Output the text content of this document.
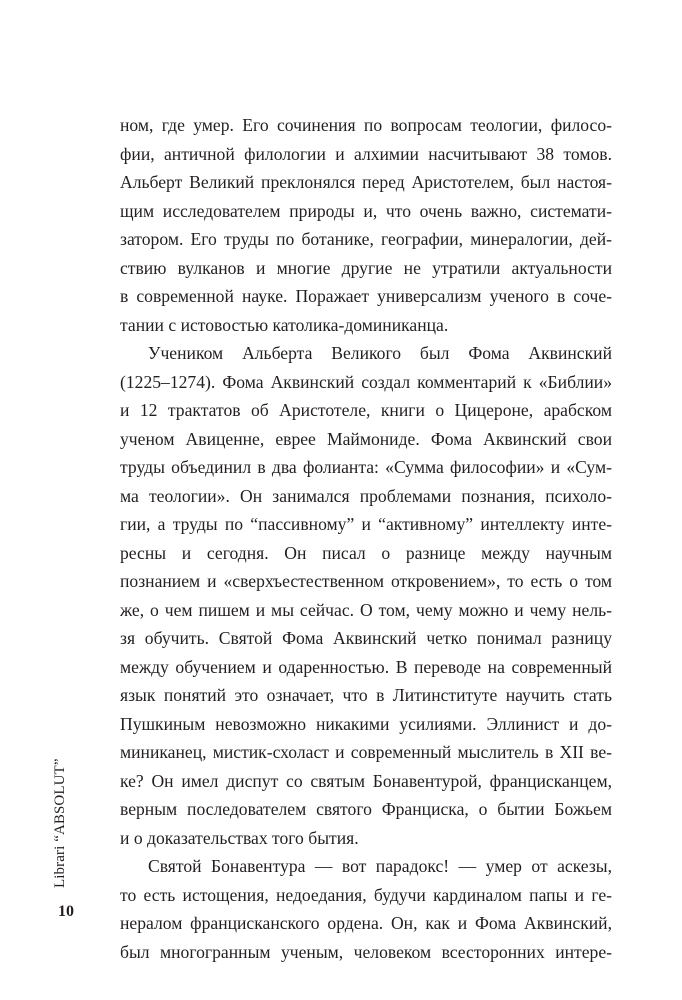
ном, где умер. Его сочинения по вопросам теологии, филосо-
фии, античной филологии и алхимии насчитывают 38 томов.
Альберт Великий преклонялся перед Аристотелем, был настоя-
щим исследователем природы и, что очень важно, системати-
затором. Его труды по ботанике, географии, минералогии, дей-
ствию вулканов и многие другие не утратили актуальности
в современной науке. Поражает универсализм ученого в соче-
тании с истовостью католика-доминиканца.

Учеником Альберта Великого был Фома Аквинский
(1225–1274). Фома Аквинский создал комментарий к «Библии»
и 12 трактатов об Аристотеле, книги о Цицероне, арабском
ученом Авиценне, еврее Маймониде. Фома Аквинский свои
труды объединил в два фолианта: «Сумма философии» и «Сум-
ма теологии». Он занимался проблемами познания, психоло-
гии, а труды по “пассивному” и “активному” интеллекту инте-
ресны и сегодня. Он писал о разнице между научным
познанием и «сверхъестественном откровением», то есть о том
же, о чем пишем и мы сейчас. О том, чему можно и чему нель-
зя обучить. Святой Фома Аквинский четко понимал разницу
между обучением и одаренностью. В переводе на современный
язык понятий это означает, что в Литинституте научить стать
Пушкиным невозможно никакими усилиями. Эллинист и до-
миниканец, мистик-схоласт и современный мыслитель в XII ве-
ке? Он имел диспут со святым Бонавентурой, францисканцем,
верным последователем святого Франциска, о бытии Божьем
и о доказательствах того бытия.

Святой Бонавентура — вот парадокс! — умер от аскезы,
то есть истощения, недоедания, будучи кардиналом папы и ге-
нералом францисканского ордена. Он, как и Фома Аквинский,
был многогранным ученым, человеком всесторонних интере-

Librari “ABSOLUT”
10
